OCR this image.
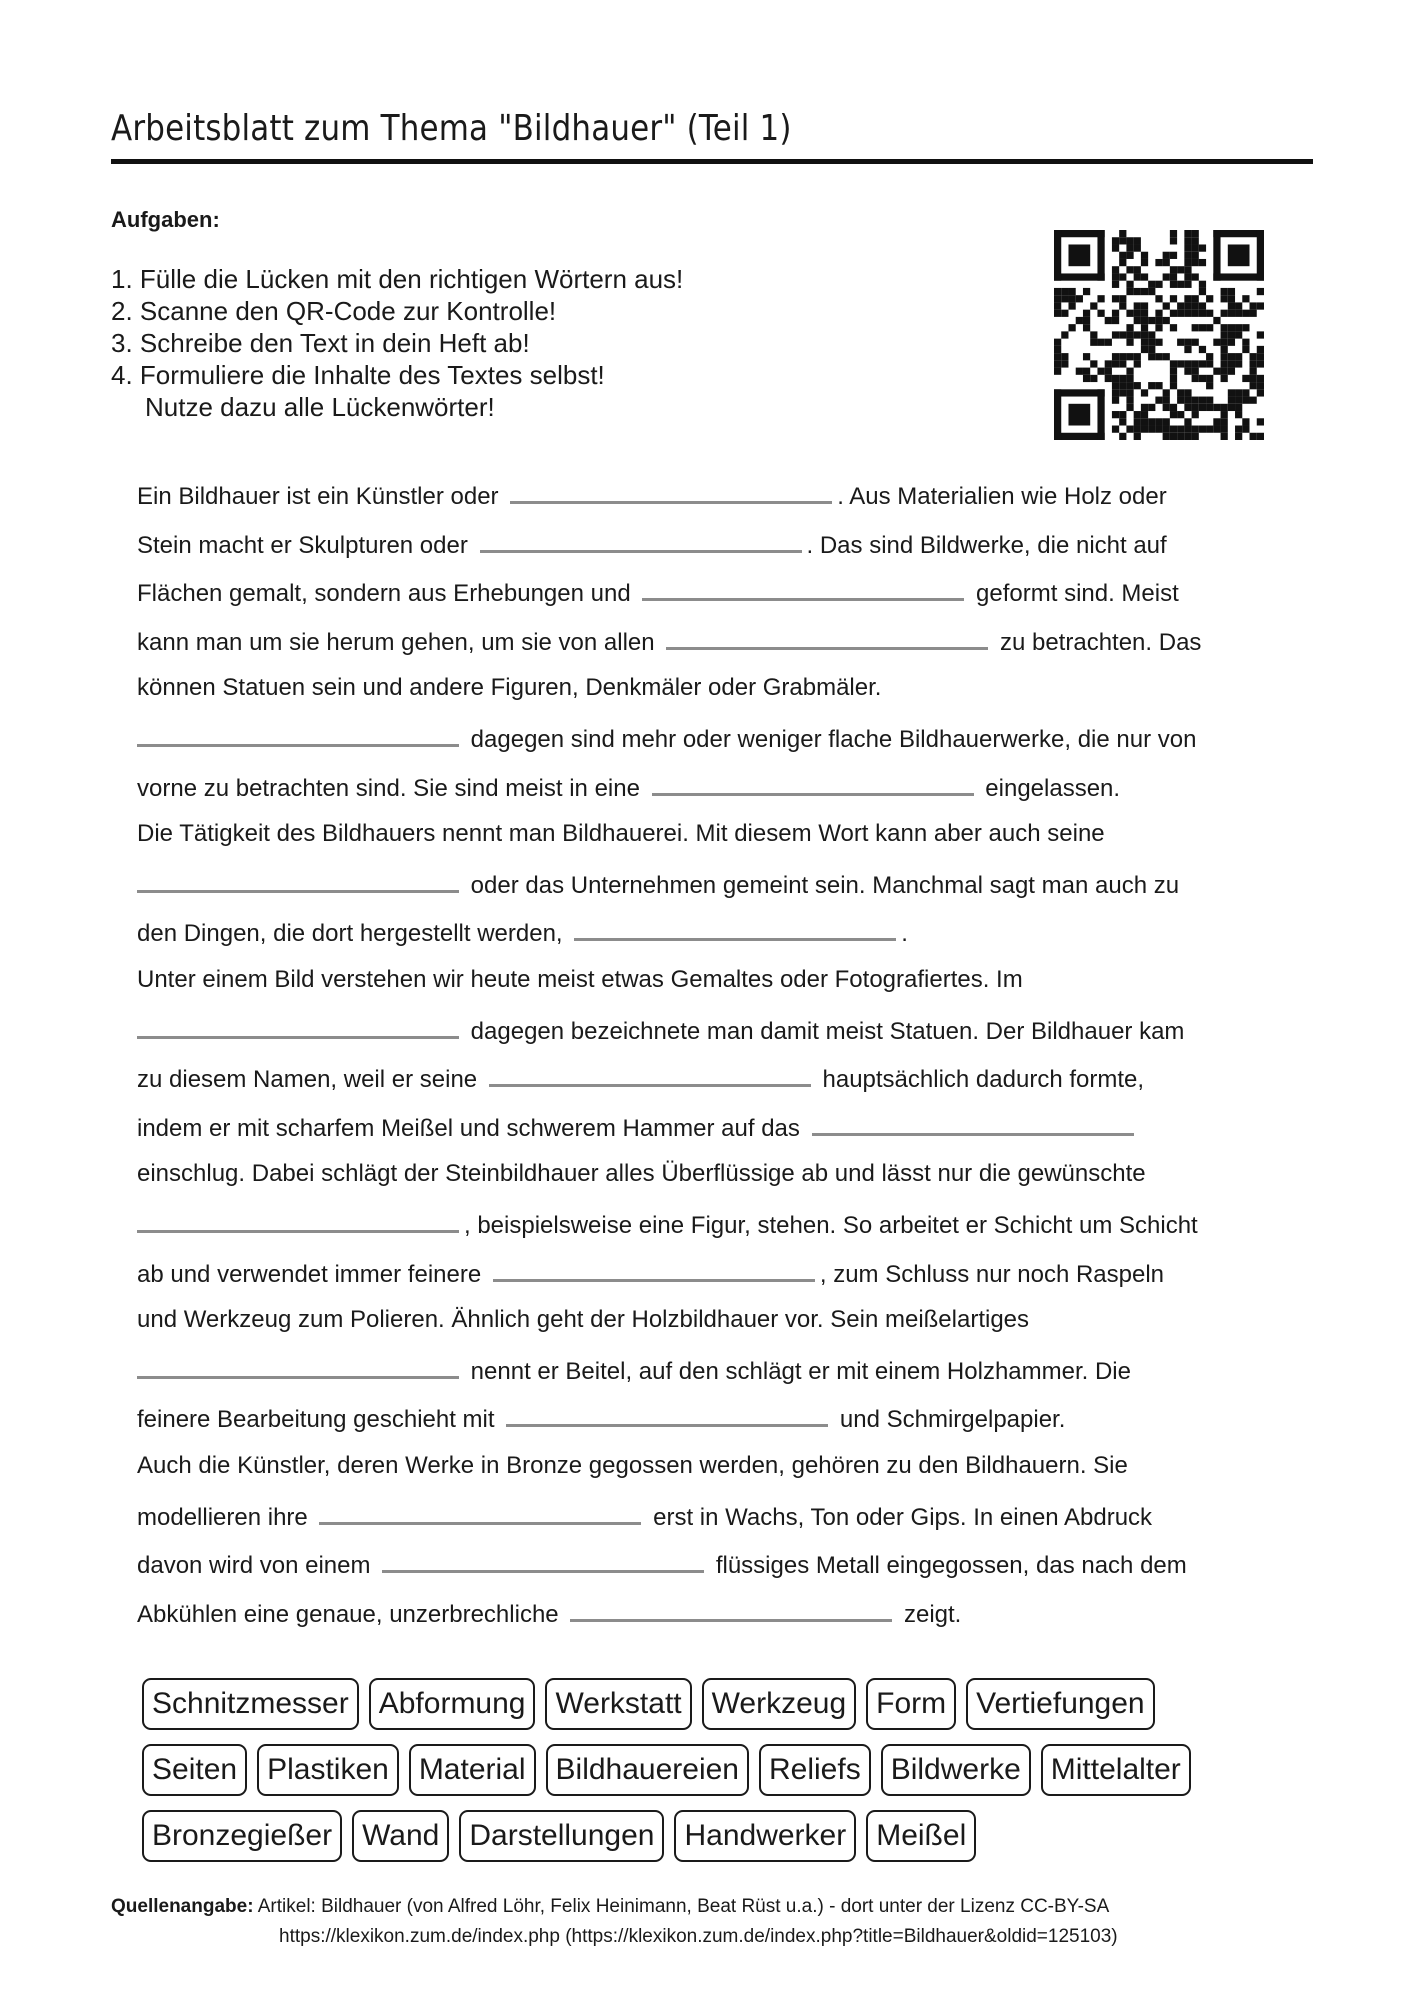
Arbeitsblatt zum Thema "Bildhauer" (Teil 1)
Aufgaben:
1. Fülle die Lücken mit den richtigen Wörtern aus!
2. Scanne den QR-Code zur Kontrolle!
3. Schreibe den Text in dein Heft ab!
4. Formuliere die Inhalte des Textes selbst!
Nutze dazu alle Lückenwörter!
Ein Bildhauer ist ein Künstler oder	. Aus Materialien wie Holz oder
Stein macht er Skulpturen oder	. Das sind Bildwerke, die nicht auf
Flächen gemalt, sondern aus Erhebungen und	geformt sind. Meist
kann man um sie herum gehen, um sie von allen	zu betrachten. Das
können Statuen sein und andere Figuren, Denkmäler oder Grabmäler.
dagegen sind mehr oder weniger flache Bildhauerwerke, die nur von
vorne zu betrachten sind. Sie sind meist in eine	eingelassen.
Die Tätigkeit des Bildhauers nennt man Bildhauerei. Mit diesem Wort kann aber auch seine
oder das Unternehmen gemeint sein. Manchmal sagt man auch zu
den Dingen, die dort hergestellt werden,	.
Unter einem Bild verstehen wir heute meist etwas Gemaltes oder Fotografiertes. Im
dagegen bezeichnete man damit meist Statuen. Der Bildhauer kam
zu diesem Namen, weil er seine	hauptsächlich dadurch formte,
indem er mit scharfem Meißel und schwerem Hammer auf das
einschlug. Dabei schlägt der Steinbildhauer alles Überflüssige ab und lässt nur die gewünschte
, beispielsweise eine Figur, stehen. So arbeitet er Schicht um Schicht
ab und verwendet immer feinere	, zum Schluss nur noch Raspeln
und Werkzeug zum Polieren. Ähnlich geht der Holzbildhauer vor. Sein meißelartiges
nennt er Beitel, auf den schlägt er mit einem Holzhammer. Die
feinere Bearbeitung geschieht mit	und Schmirgelpapier.
Auch die Künstler, deren Werke in Bronze gegossen werden, gehören zu den Bildhauern. Sie
modellieren ihre	erst in Wachs, Ton oder Gips. In einen Abdruck
davon wird von einem	flüssiges Metall eingegossen, das nach dem
Abkühlen eine genaue, unzerbrechliche	zeigt.
Schnitzmesser	Abformung	Werkstatt	Werkzeug	Form	Vertiefungen
Seiten	Plastiken	Material	Bildhauereien	Reliefs	Bildwerke	Mittelalter
Bronzegießer	Wand	Darstellungen	Handwerker	Meißel
Quellenangabe: Artikel: Bildhauer (von Alfred Löhr, Felix Heinimann, Beat Rüst u.a.) - dort unter der Lizenz CC-BY-SA
https://klexikon.zum.de/index.php (https://klexikon.zum.de/index.php?title=Bildhauer&oldid=125103)
